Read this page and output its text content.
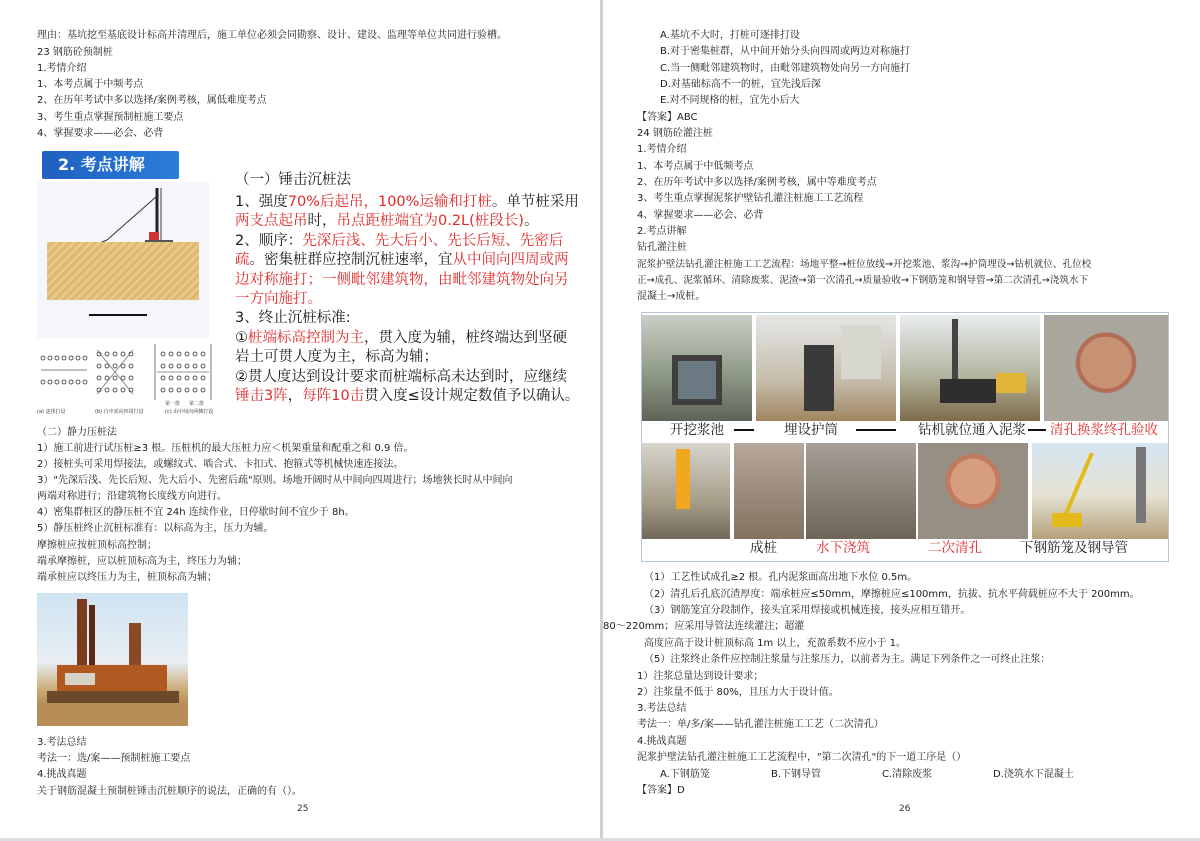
理由：基坑挖至基底设计标高并清理后，施工单位必须会同勘察、设计、建设、监理等单位共同进行验槽。
23 钢筋砼预制桩
1.考情介绍
1、本考点属于中频考点
2、在历年考试中多以选择/案例考核，属低难度考点
3、考生重点掌握预制桩施工要点
4、掌握要求——必会、必背
2. 考点讲解
(a) 逐排打设	(b) 自中部向四周打设	(c) 由中间向两侧打设
第一排 第二排
（一）锤击沉桩法
1、强度70%后起吊，100%运输和打桩。单节桩采用
两支点起吊时，吊点距桩端宜为0.2L(桩段长)。
2、顺序：先深后浅、先大后小、先长后短、先密后
疏。密集桩群应控制沉桩速率，宜从中间向四周或两
边对称施打；一侧毗邻建筑物，由毗邻建筑物处向另
一方向施打。
3、终止沉桩标准:
①桩端标高控制为主，贯入度为辅，桩终端达到坚硬
岩土可贯人度为主，标高为辅；
②贯人度达到设计要求而桩端标高未达到时，应继续
锤击3阵，每阵10击贯入度≤设计规定数值予以确认。
（二）静力压桩法
1）施工前进行试压桩≥3 根。压桩机的最大压桩力应＜机架重量和配重之和 0.9 倍。
2）接桩头可采用焊接法，或螺纹式、啮合式、卡扣式、抱箍式等机械快速连接法。
3）"先深后浅、先长后短、先大后小、先密后疏"原则。场地开阔时从中间向四周进行；场地狭长时从中间向
两端对称进行；沿建筑物长度线方向进行。
4）密集群桩区的静压桩不宜 24h 连续作业，日停歇时间不宜少于 8h。
5）静压桩终止沉桩标准有：以标高为主，压力为辅。
摩擦桩应按桩顶标高控制；
端承摩擦桩，应以桩顶标高为主，终压力为辅；
端承桩应以终压力为主，桩顶标高为辅；
3.考法总结
考法一：选/案——预制桩施工要点
4.挑战真题
关于钢筋混凝土预制桩锤击沉桩顺序的说法，正确的有（）。
25
A.基坑不大时，打桩可逐排打设
B.对于密集桩群，从中间开始分头向四周或两边对称施打
C.当一侧毗邻建筑物时，由毗邻建筑物处向另一方向施打
D.对基础标高不一的桩，宜先浅后深
E.对不同规格的桩，宜先小后大
【答案】ABC
24 钢筋砼灌注桩
1.考情介绍
1、本考点属于中低频考点
2、在历年考试中多以选择/案例考核，属中等难度考点
3、考生重点掌握泥浆护壁钻孔灌注桩施工工艺流程
4、掌握要求——必会、必背
2.考点讲解
钻孔灌注桩
泥浆护壁法钻孔灌注桩施工工艺流程：场地平整→桩位放线→开挖浆池、浆沟→护筒埋设→钻机就位、孔位校
正→成孔、泥浆循环、清除废浆、泥渣→第一次清孔→质量验收→下钢筋笼和钢导管→第二次清孔→浇筑水下
混凝土→成桩。
开挖浆池	埋设护筒	钻机就位通入泥浆 清孔换浆终孔验收
成桩	水下浇筑	二次清孔	下钢筋笼及钢导管
（1）工艺性试成孔≥2 根。孔内泥浆面高出地下水位 0.5m。
（2）清孔后孔底沉渣厚度：端承桩应≤50mm，摩擦桩应≤100mm，抗拔、抗水平荷载桩应不大于 200mm。
（3）钢筋笼宜分段制作，接头宜采用焊接或机械连接，接头应相互错开。
80～220mm；应采用导管法连续灌注；超灌
高度应高于设计桩顶标高 1m 以上，充盈系数不应小于 1。
（5）注浆终止条件应控制注浆量与注浆压力，以前者为主。满足下列条件之一可终止注浆：
1）注浆总量达到设计要求；
2）注浆量不低于 80%，且压力大于设计值。
3.考法总结
考法一：单/多/案——钻孔灌注桩施工工艺（二次清孔）
4.挑战真题
泥浆护壁法钻孔灌注桩施工工艺流程中，"第二次清孔"的下一道工序是（）
A.下钢筋笼	B.下钢导管	C.清除废浆	D.浇筑水下混凝土
【答案】D
26
